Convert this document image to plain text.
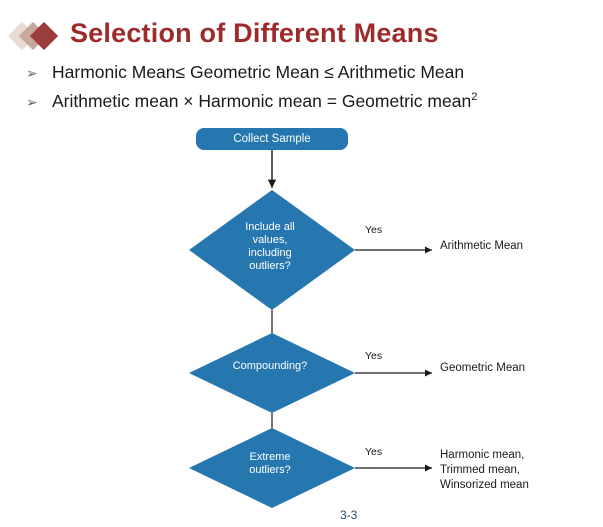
Selection of Different Means
➢ Harmonic Mean≤ Geometric Mean ≤ Arithmetic Mean
➢ Arithmetic mean × Harmonic mean = Geometric mean$^2$
Collect Sample
Include all
values,
including
outliers?
Compounding?
Extreme
outliers?
Yes
Yes
Yes
Arithmetic Mean
Geometric Mean
Harmonic mean,
Trimmed mean,
Winsorized mean
3-3
